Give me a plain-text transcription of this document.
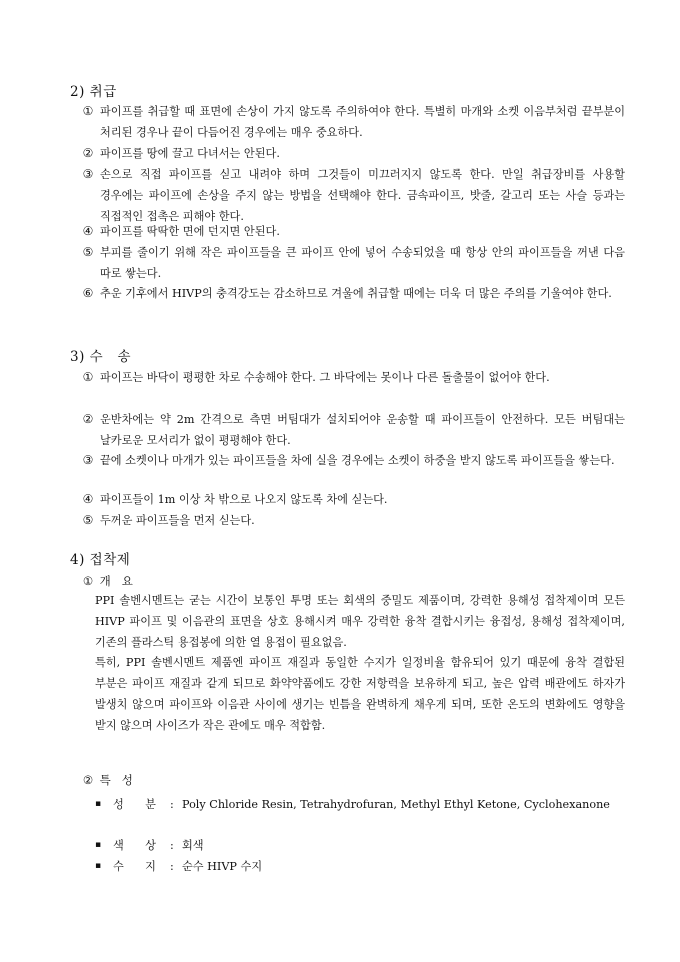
2) 취급
① 파이프를 취급할 때 표면에 손상이 가지 않도록 주의하여야 한다. 특별히 마개와 소켓 이음부처럼 끝부분이 처리된 경우나 끝이 다듬어진 경우에는 매우 중요하다.
② 파이프를 땅에 끌고 다녀서는 안된다.
③ 손으로 직접 파이프를 싣고 내려야 하며 그것들이 미끄러지지 않도록 한다. 만일 취급장비를 사용할 경우에는 파이프에 손상을 주지 않는 방법을 선택해야 한다. 금속파이프, 밧줄, 갈고리 또는 사슬 등과는 직접적인 접촉은 피해야 한다.
④ 파이프를 딱딱한 면에 던지면 안된다.
⑤ 부피를 줄이기 위해 작은 파이프들을 큰 파이프 안에 넣어 수송되었을 때 항상 안의 파이프들을 꺼낸 다음 따로 쌓는다.
⑥ 추운 기후에서 HIVP의 충격강도는 감소하므로 겨울에 취급할 때에는 더욱 더 많은 주의를 기울여야 한다.
3) 수   송
① 파이프는 바닥이 평평한 차로 수송해야 한다. 그 바닥에는 못이나 다른 돌출물이 없어야 한다.
② 운반차에는 약 2m 간격으로 측면 버팀대가 설치되어야 운송할 때 파이프들이 안전하다. 모든 버팀대는 날카로운 모서리가 없이 평평해야 한다.
③ 끝에 소켓이나 마개가 있는 파이프들을 차에 실을 경우에는 소켓이 하중을 받지 않도록 파이프들을 쌓는다.
④ 파이프들이 1m 이상 차 밖으로 나오지 않도록 차에 싣는다.
⑤ 두꺼운 파이프들을 먼저 싣는다.
4) 접착제
① 개   요
PPI 솔벤시멘트는 굳는 시간이 보통인 투명 또는 회색의 중밀도 제품이며, 강력한 용해성 접착제이며 모든 HIVP 파이프 및 이음관의 표면을 상호 용해시켜 매우 강력한 융착 결합시키는 융접성, 용해성 접착제이며, 기존의 플라스틱 용접봉에 의한 열 용접이 필요없음.
특히, PPI 솔벤시멘트 제품엔 파이프 재질과 동일한 수지가 일정비율 함유되어 있기 때문에 융착 결합된 부분은 파이프 재질과 같게 되므로 화약약품에도 강한 저항력을 보유하게 되고, 높은 압력 배관에도 하자가 발생치 않으며 파이프와 이음관 사이에 생기는 빈틈을 완벽하게 채우게 되며, 또한 온도의 변화에도 영향을 받지 않으며 사이즈가 작은 관에도 매우 적합함.
② 특   성
▪ 성      분	: Poly Chloride Resin, Tetrahydrofuran, Methyl Ethyl Ketone, Cyclohexanone
▪ 색      상	: 회색
▪ 수      지	: 순수 HIVP 수지
